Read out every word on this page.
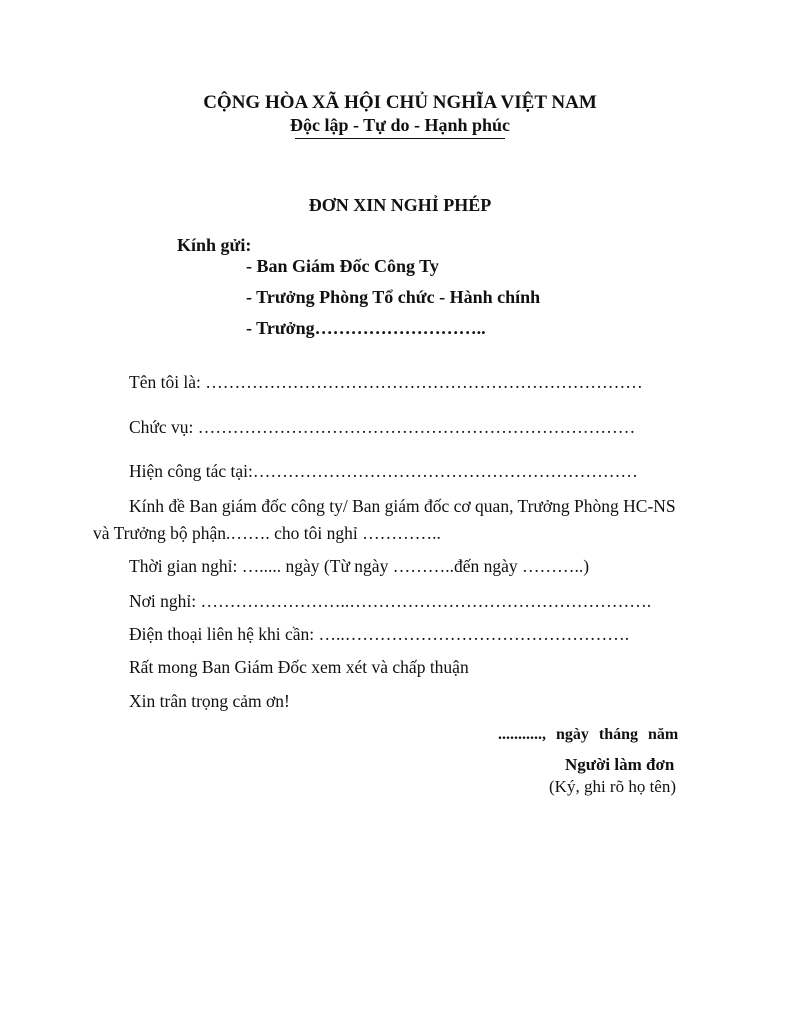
CỘNG HÒA XÃ HỘI CHỦ NGHĨA VIỆT NAM
Độc lập - Tự do - Hạnh phúc
ĐƠN XIN NGHỈ PHÉP
Kính gửi:
- Ban Giám Đốc Công Ty
- Trưởng Phòng Tổ chức - Hành chính
- Trưởng………………………..
Tên tôi là: …………………………………………………………………
Chức vụ: …………………………………………………………………
Hiện công tác tại:…………………………………………………………
Kính đề Ban giám đốc công ty/ Ban giám đốc cơ quan, Trưởng Phòng HC-NS
và Trưởng bộ phận.……. cho tôi nghỉ …………..
Thời gian nghỉ: …..... ngày (Từ ngày ………..đến ngày ………..)
Nơi nghỉ: ……………………..…………………………………………….
Điện thoại liên hệ khi cần: …..………………………………………….
Rất mong Ban Giám Đốc xem xét và chấp thuận
Xin trân trọng cảm ơn!
..........., ngày tháng năm
Người làm đơn
(Ký, ghi rõ họ tên)
